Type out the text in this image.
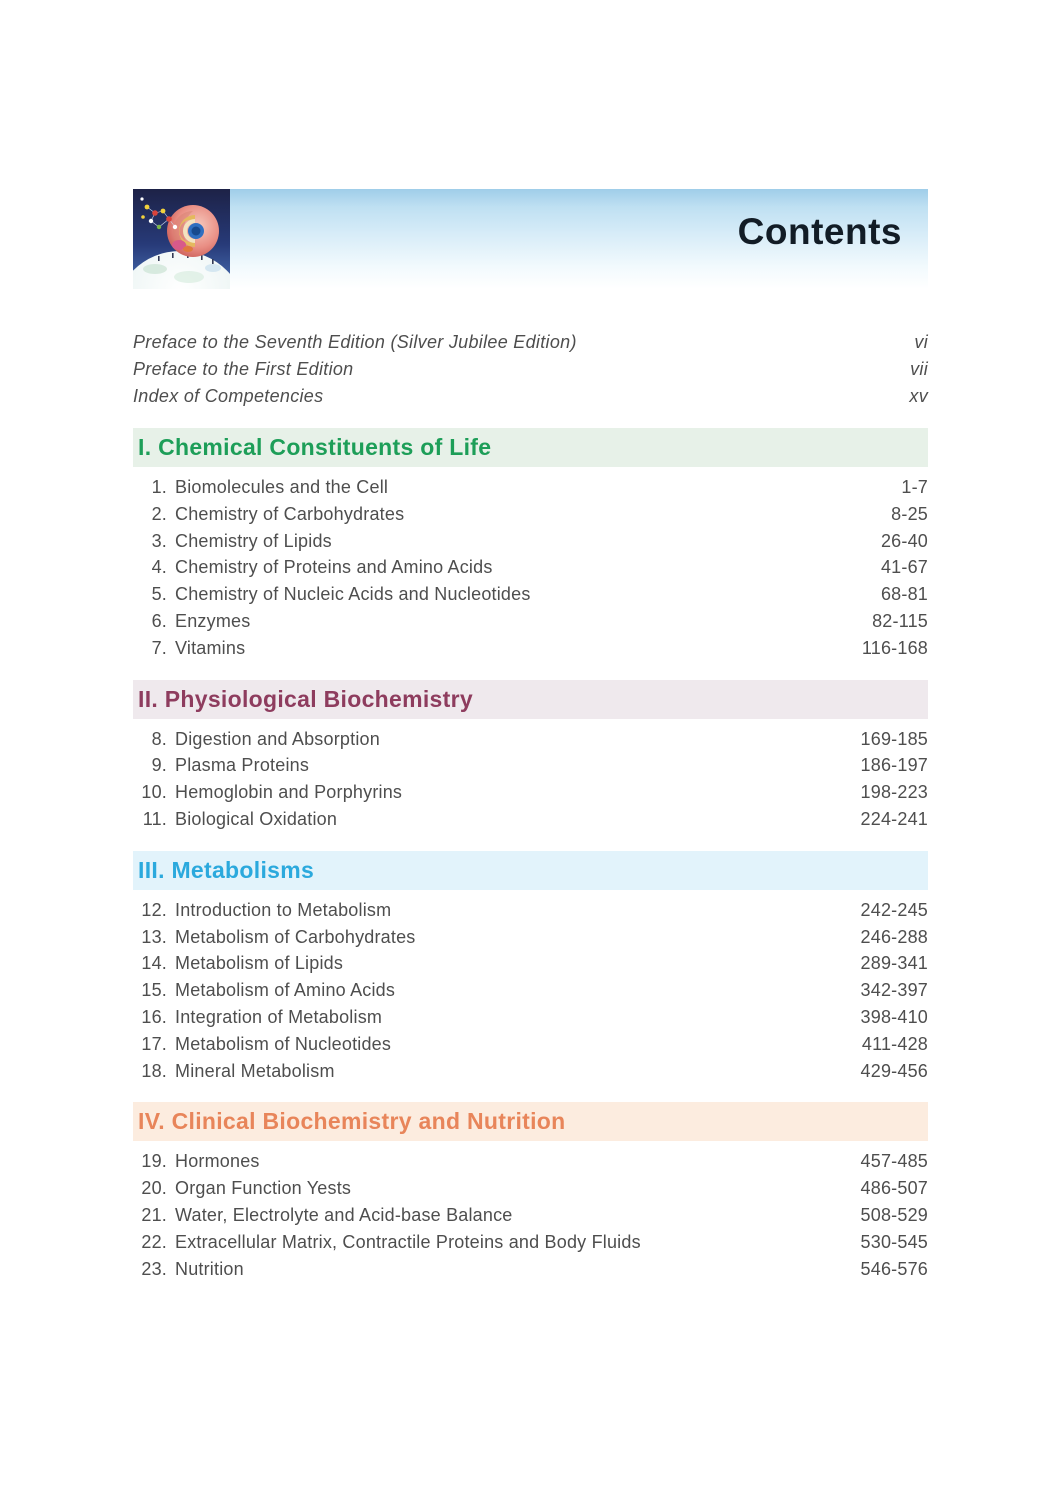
Contents
Preface to the Seventh Edition (Silver Jubilee Edition)	vi
Preface to the First Edition	vii
Index of Competencies	xv
I. Chemical Constituents of Life
1. Biomolecules and the Cell	1-7
2. Chemistry of Carbohydrates	8-25
3. Chemistry of Lipids	26-40
4. Chemistry of Proteins and Amino Acids	41-67
5. Chemistry of Nucleic Acids and Nucleotides	68-81
6. Enzymes	82-115
7. Vitamins	116-168
II. Physiological Biochemistry
8. Digestion and Absorption	169-185
9. Plasma Proteins	186-197
10. Hemoglobin and Porphyrins	198-223
11. Biological Oxidation	224-241
III. Metabolisms
12. Introduction to Metabolism	242-245
13. Metabolism of Carbohydrates	246-288
14. Metabolism of Lipids	289-341
15. Metabolism of Amino Acids	342-397
16. Integration of Metabolism	398-410
17. Metabolism of Nucleotides	411-428
18. Mineral Metabolism	429-456
IV. Clinical Biochemistry and Nutrition
19. Hormones	457-485
20. Organ Function Yests	486-507
21. Water, Electrolyte and Acid-base Balance	508-529
22. Extracellular Matrix, Contractile Proteins and Body Fluids	530-545
23. Nutrition	546-576
